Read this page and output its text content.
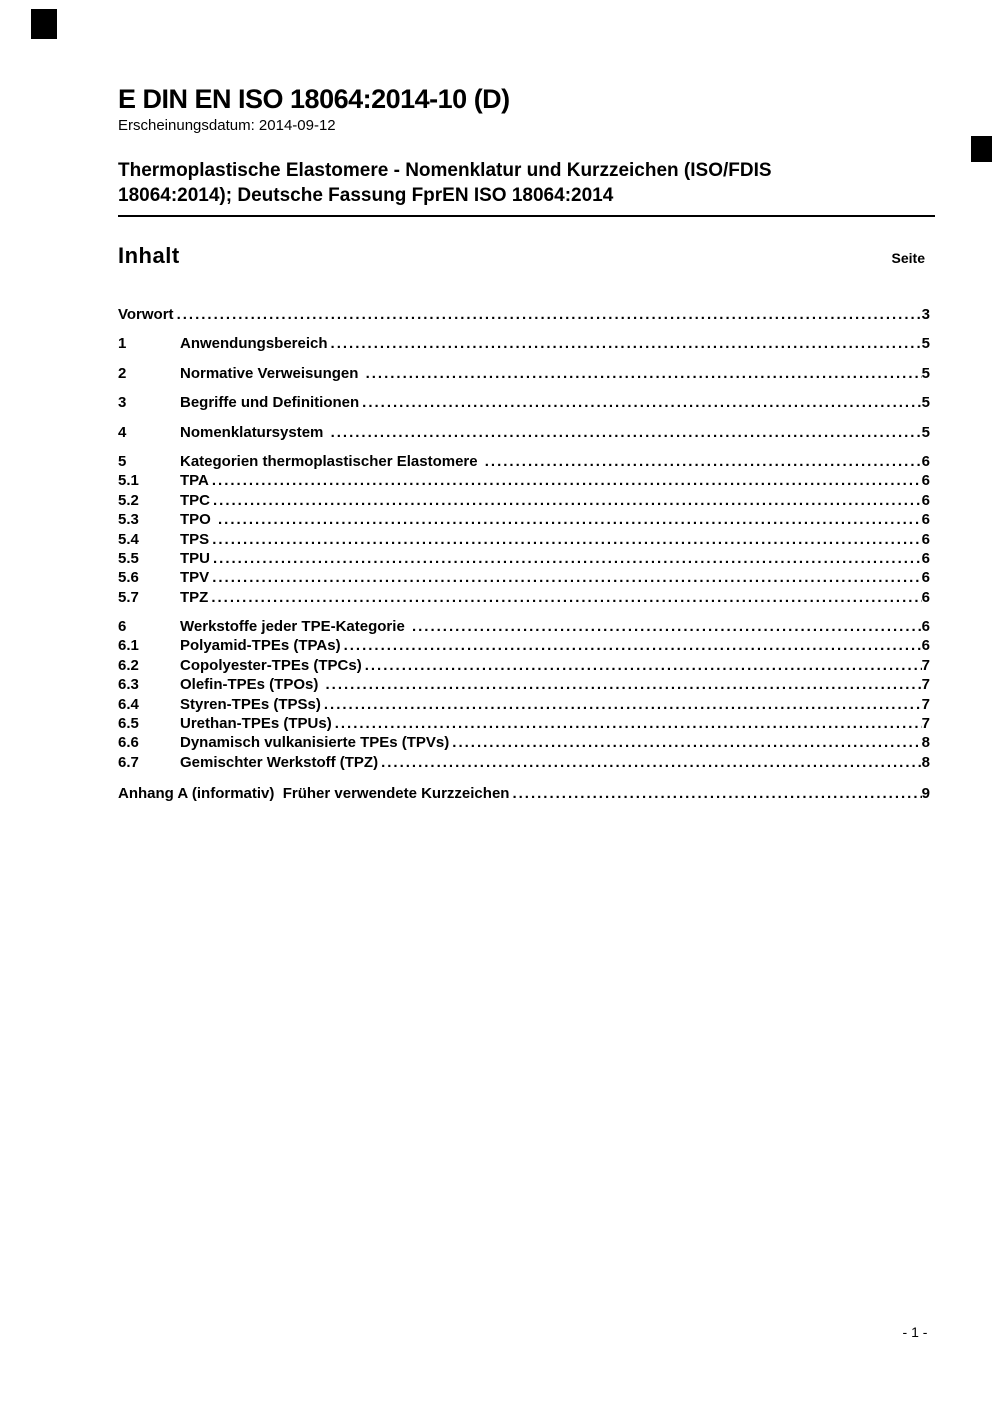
E DIN EN ISO 18064:2014-10 (D)

Erscheinungsdatum: 2014-09-12

Thermoplastische Elastomere - Nomenklatur und Kurzzeichen (ISO/FDIS
18064:2014); Deutsche Fassung FprEN ISO 18064:2014
Inhalt	Seite
Vorwort .....	3
1	Anwendungsbereich .....	5
2	Normative Verweisungen .....	5
3	Begriffe und Definitionen .....	5
4	Nomenklatursystem .....	5
5	Kategorien thermoplastischer Elastomere .....	6
5.1	TPA .....	6
5.2	TPC .....	6
5.3	TPO .....	6
5.4	TPS .....	6
5.5	TPU .....	6
5.6	TPV .....	6
5.7	TPZ .....	6
6	Werkstoffe jeder TPE-Kategorie .....	6
6.1	Polyamid-TPEs (TPAs) .....	6
6.2	Copolyester-TPEs (TPCs) .....	7
6.3	Olefin-TPEs (TPOs) .....	7
6.4	Styren-TPEs (TPSs) .....	7
6.5	Urethan-TPEs (TPUs) .....	7
6.6	Dynamisch vulkanisierte TPEs (TPVs) .....	8
6.7	Gemischter Werkstoff (TPZ) .....	8
Anhang A (informativ)  Früher verwendete Kurzzeichen .....	9
- 1 -
